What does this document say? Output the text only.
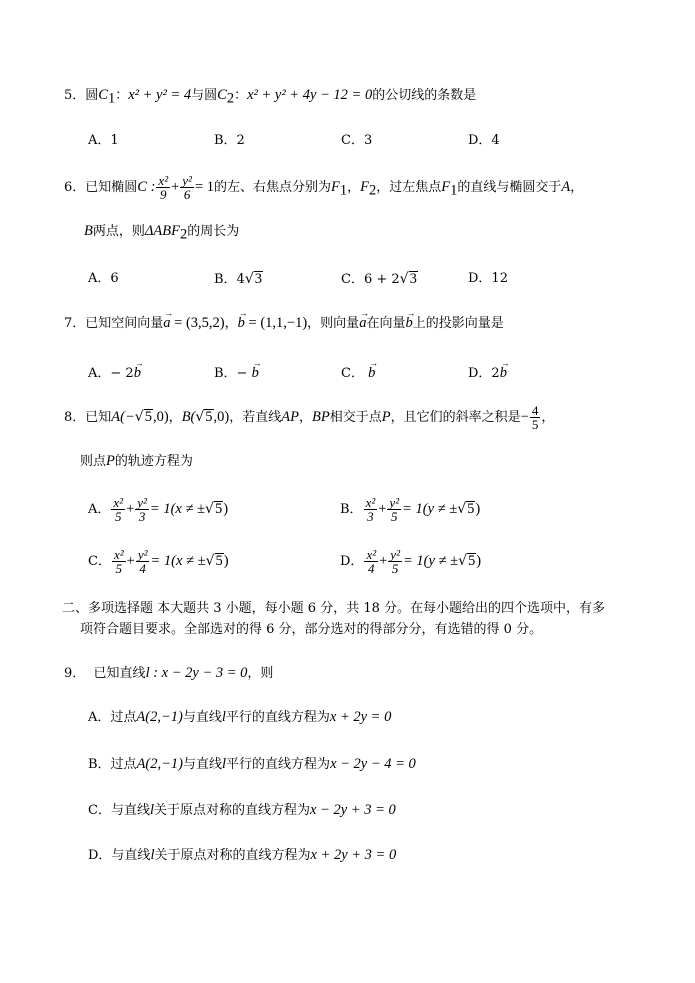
5．圆$C_1$：x² + y² = 4与圆$C_2$：x² + y² + 4y − 12 = 0的公切线的条数是
A．1	B．2	C．3	D．4
6．已知椭圆C : $\frac{\text{x²}}{9} + \frac{\text{y²}}{6} = 1$的左、右焦点分别为$F_1$，$F_2$，过左焦点$F_1$的直线与椭圆交于A，
B两点，则$\Delta ABF_2$的周长为
A．6	B．4√3	C．6 + 2√3	D．12
7．已知空间向量→ a = (3,5,2)，→ b = (1,1,−1)，则向量→ a在向量→ b上的投影向量是
A．− 2→ b	B．− → b	C． → b	D．2→ b
8．已知A(−√5,0)，B(√5,0)，若直线AP，BP相交于点P，且它们的斜率之积是− $\frac{4}{5}$ ，
则点P的轨迹方程为
A． $\frac{\text{x²}}{5} + \frac{\text{y²}}{3} = 1(x \ne \pm√5)$	B． $\frac{\text{x²}}{3} + \frac{\text{y²}}{5} = 1(y \ne \pm√5)$
C． $\frac{\text{x²}}{5} + \frac{\text{y²}}{4} = 1(x \ne \pm√5)$	D． $\frac{\text{x²}}{4} + \frac{\text{y²}}{5} = 1(y \ne \pm√5)$
二、多项选择题 本大题共 3 小题，每小题 6 分，共 18 分。在每小题给出的四个选项中，有多
项符合题目要求。全部选对的得 6 分，部分选对的得部分分，有选错的得 0 分。
9． 已知直线l : x − 2y − 3 = 0，则
A．过点A(2,−1)与直线l平行的直线方程为x + 2y = 0
B．过点A(2,−1)与直线l平行的直线方程为x − 2y − 4 = 0
C．与直线l关于原点对称的直线方程为x − 2y + 3 = 0
D．与直线l关于原点对称的直线方程为x + 2y + 3 = 0
